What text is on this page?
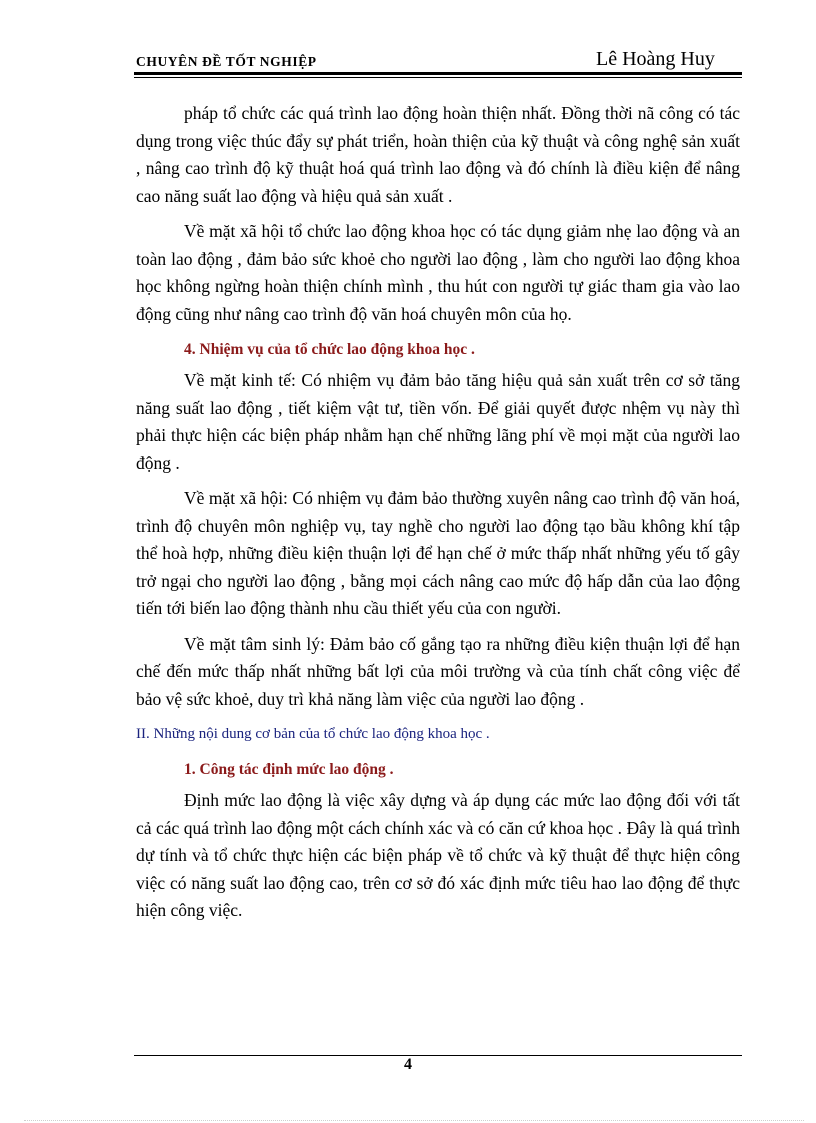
CHUYÊN ĐỀ TỐT NGHIỆP	Lê Hoàng Huy

pháp tổ chức các quá trình lao động hoàn thiện nhất. Đồng thời nã công có tác dụng trong việc thúc đẩy sự phát triển, hoàn thiện của kỹ thuật và công nghệ sản xuất , nâng cao trình độ kỹ thuật hoá quá trình lao động và đó chính là điều kiện để nâng cao năng suất lao động và hiệu quả sản xuất .

Về mặt xã hội tổ chức lao động khoa học có tác dụng giảm nhẹ lao động và an toàn lao động , đảm bảo sức khoẻ cho người lao động , làm cho người lao động khoa học không ngừng hoàn thiện chính mình , thu hút con người tự giác tham gia vào lao động cũng như nâng cao trình độ văn hoá chuyên môn của họ.

4. Nhiệm vụ của tổ chức lao động khoa học .

Về mặt kinh tế: Có nhiệm vụ đảm bảo tăng hiệu quả sản xuất trên cơ sở tăng năng suất lao động , tiết kiệm vật tư, tiền vốn. Để giải quyết được nhệm vụ này thì phải thực hiện các biện pháp nhằm hạn chế những lãng phí về mọi mặt của người lao động .

Về mặt xã hội: Có nhiệm vụ đảm bảo thường xuyên nâng cao trình độ văn hoá, trình độ chuyên môn nghiệp vụ, tay nghề cho người lao động tạo bầu không khí tập thể hoà hợp, những điều kiện thuận lợi để hạn chế ở mức thấp nhất những yếu tố gây trở ngại cho người lao động , bằng mọi cách nâng cao mức độ hấp dẫn của lao động tiến tới biến lao động thành nhu cầu thiết yếu của con người.

Về mặt tâm sinh lý: Đảm bảo cố gắng tạo ra những điều kiện thuận lợi để hạn chế đến mức thấp nhất những bất lợi của môi trường và của tính chất công việc để bảo vệ sức khoẻ, duy trì khả năng làm việc của người lao động .

II. Những nội dung cơ bản của tổ chức lao động khoa học .

1. Công tác định mức lao động .

Định mức lao động là việc xây dựng và áp dụng các mức lao động đối với tất cả các quá trình lao động một cách chính xác và có căn cứ khoa học . Đây là quá trình dự tính và tổ chức thực hiện các biện pháp về tổ chức và kỹ thuật để thực hiện công việc có năng suất lao động cao, trên cơ sở đó xác định mức tiêu hao lao động để thực hiện công việc.

4
